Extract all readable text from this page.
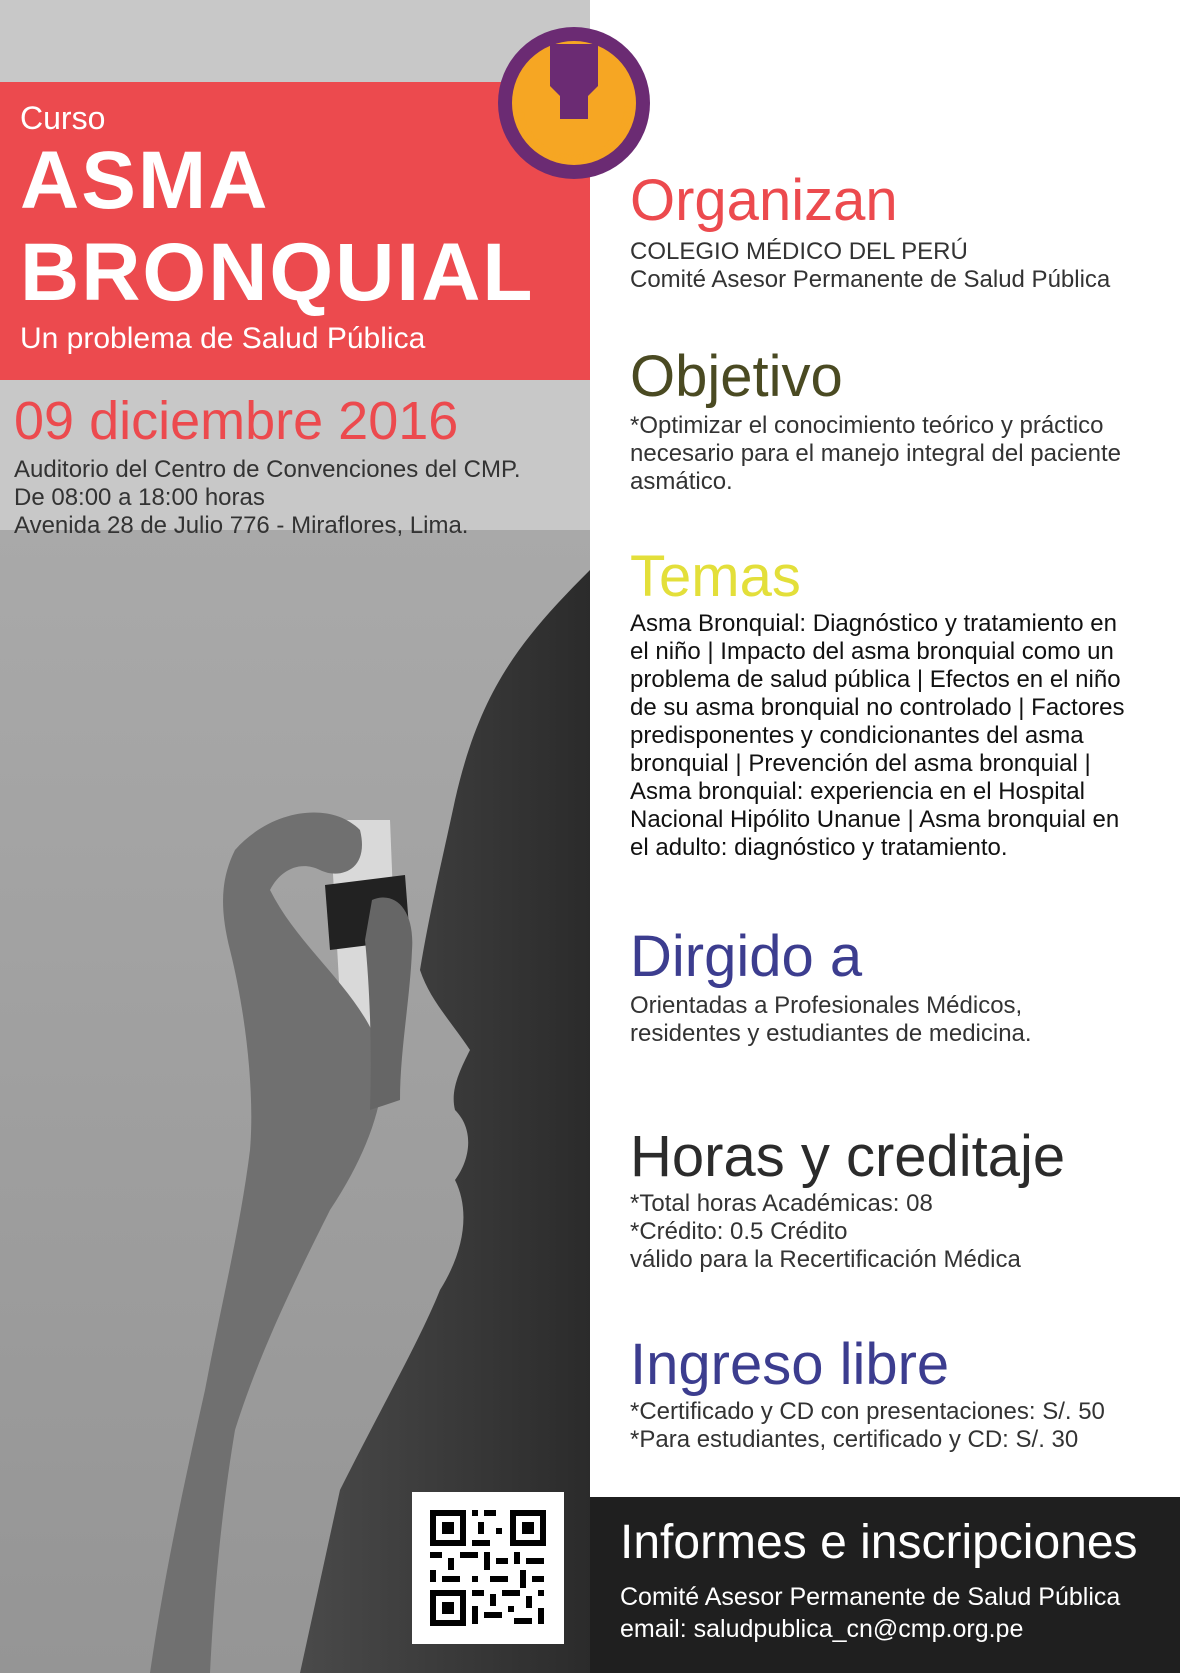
Curso
ASMA
BRONQUIAL
Un problema de Salud Pública
09 diciembre 2016
Auditorio del Centro de Convenciones del CMP.
De 08:00 a 18:00 horas
Avenida 28 de Julio 776 - Miraflores, Lima.
COLEGIO MEDICO DEL PERU
Organizan
COLEGIO MÉDICO DEL PERÚ
Comité Asesor Permanente de Salud Pública
Objetivo
*Optimizar el conocimiento teórico y práctico
necesario para el manejo integral del paciente
asmático.
Temas
Asma Bronquial: Diagnóstico y tratamiento en
el niño | Impacto del asma bronquial como un
problema de salud pública | Efectos en el niño
de su asma bronquial no controlado | Factores
predisponentes y condicionantes del asma
bronquial | Prevención del asma bronquial |
Asma bronquial: experiencia en el Hospital
Nacional Hipólito Unanue | Asma bronquial en
el adulto: diagnóstico y tratamiento.
Dirgido a
Orientadas a Profesionales Médicos,
residentes y estudiantes de medicina.
Horas y creditaje
*Total horas Académicas: 08
*Crédito: 0.5 Crédito
válido para la Recertificación Médica
Ingreso libre
*Certificado y CD con presentaciones: S/. 50
*Para estudiantes, certificado y CD: S/. 30
Informes e inscripciones
Comité Asesor Permanente de Salud Pública
email: saludpublica_cn@cmp.org.pe
